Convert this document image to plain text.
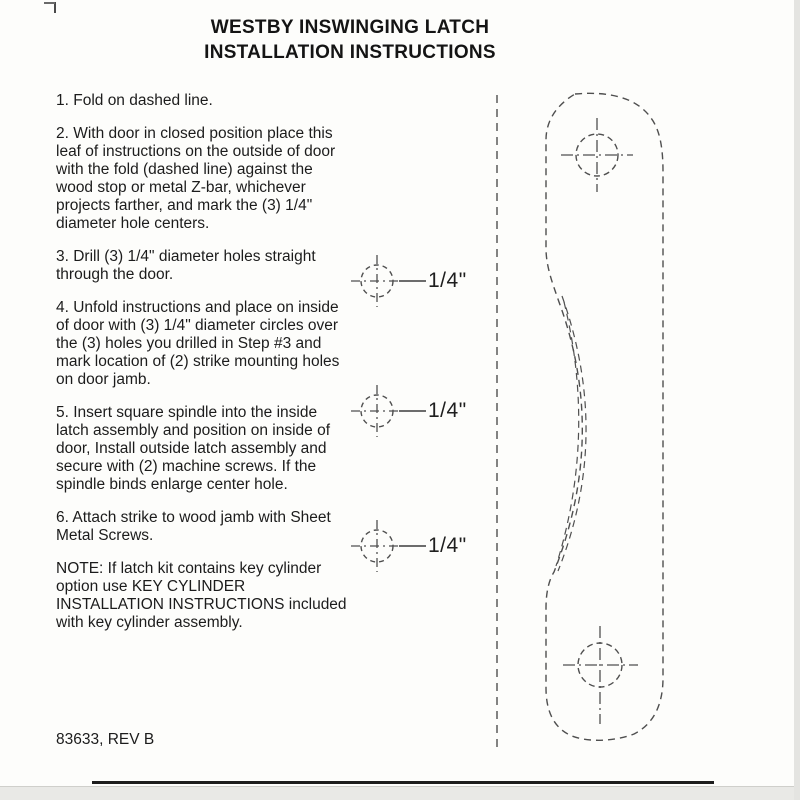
WESTBY INSWINGING LATCH
INSTALLATION INSTRUCTIONS

1. Fold on dashed line.

2. With door in closed position place this leaf of instructions on the outside of door with the fold (dashed line) against the wood stop or metal Z-bar, whichever projects farther, and mark the (3) 1/4" diameter hole centers.

3. Drill (3) 1/4" diameter holes straight through the door.

4. Unfold instructions and place on inside of door with (3) 1/4" diameter circles over the (3) holes you drilled in Step #3 and mark location of (2) strike mounting holes on door jamb.

5. Insert square spindle into the inside latch assembly and position on inside of door, Install outside latch assembly and secure with (2) machine screws. If the spindle binds enlarge center hole.

6. Attach strike to wood jamb with Sheet Metal Screws.

NOTE: If latch kit contains key cylinder option use KEY CYLINDER INSTALLATION INSTRUCTIONS included with key cylinder assembly.

83633, REV B
1/4"
1/4"
1/4"
